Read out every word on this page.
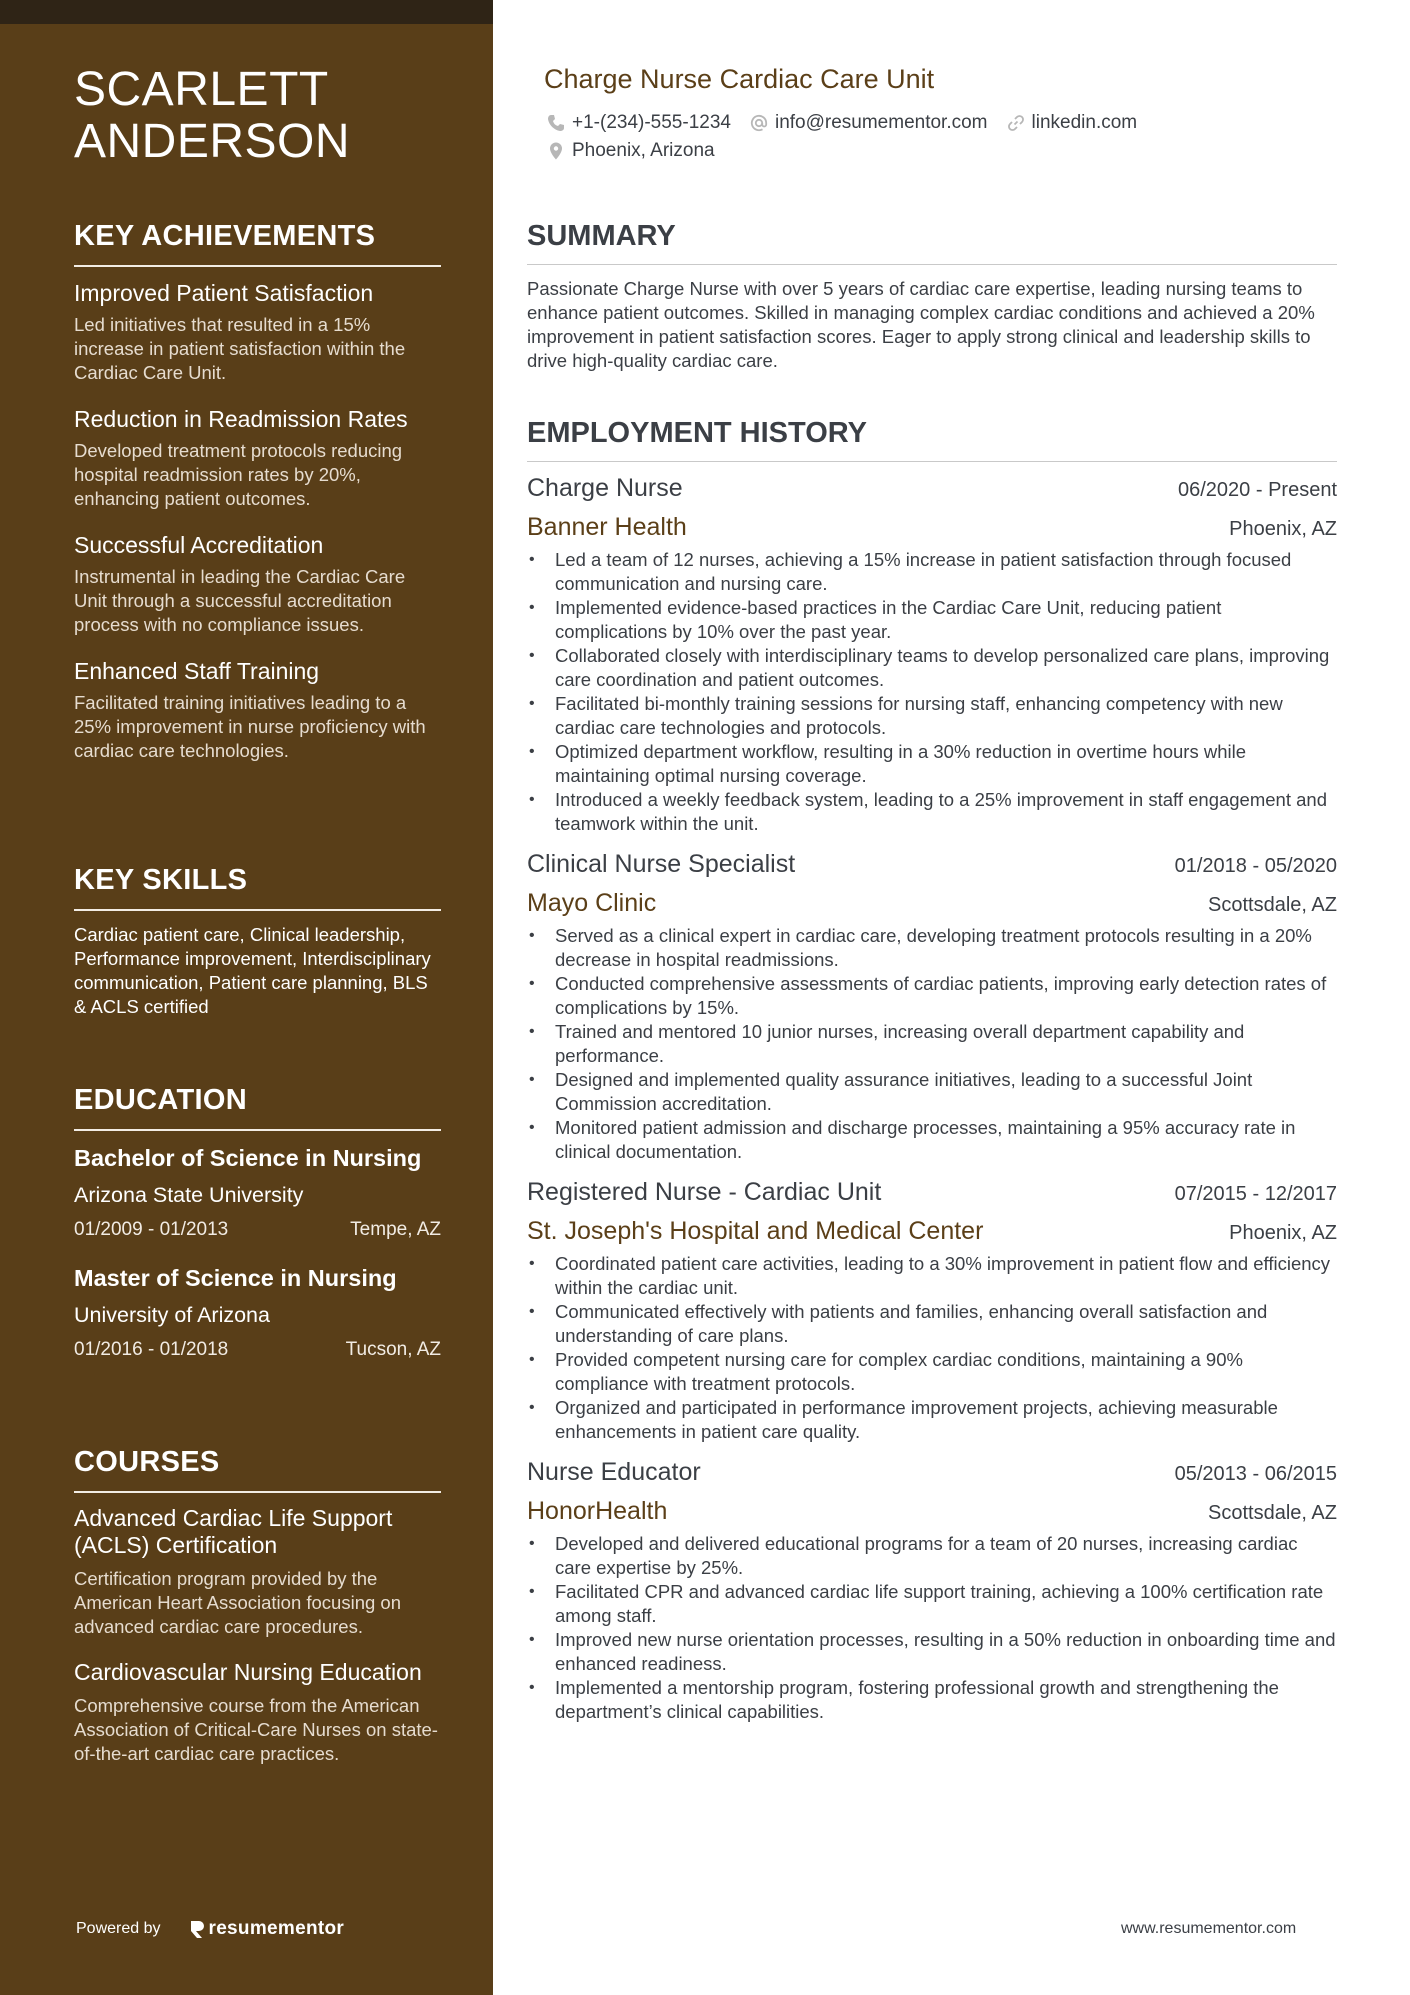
SCARLETT
ANDERSON
KEY ACHIEVEMENTS
Improved Patient Satisfaction
Led initiatives that resulted in a 15% increase in patient satisfaction within the Cardiac Care Unit.
Reduction in Readmission Rates
Developed treatment protocols reducing hospital readmission rates by 20%, enhancing patient outcomes.
Successful Accreditation
Instrumental in leading the Cardiac Care Unit through a successful accreditation process with no compliance issues.
Enhanced Staff Training
Facilitated training initiatives leading to a 25% improvement in nurse proficiency with cardiac care technologies.
KEY SKILLS
Cardiac patient care, Clinical leadership, Performance improvement, Interdisciplinary communication, Patient care planning, BLS & ACLS certified
EDUCATION
Bachelor of Science in Nursing
Arizona State University
01/2009 - 01/2013	Tempe, AZ
Master of Science in Nursing
University of Arizona
01/2016 - 01/2018	Tucson, AZ
COURSES
Advanced Cardiac Life Support (ACLS) Certification
Certification program provided by the American Heart Association focusing on advanced cardiac care procedures.
Cardiovascular Nursing Education
Comprehensive course from the American Association of Critical-Care Nurses on state-of-the-art cardiac care practices.
Powered by	resumementor
Charge Nurse Cardiac Care Unit
+1-(234)-555-1234 info@resumementor.com linkedin.com
Phoenix, Arizona
SUMMARY

Passionate Charge Nurse with over 5 years of cardiac care expertise, leading nursing teams to enhance patient outcomes. Skilled in managing complex cardiac conditions and achieved a 20% improvement in patient satisfaction scores. Eager to apply strong clinical and leadership skills to drive high-quality cardiac care.

EMPLOYMENT HISTORY
Charge Nurse	06/2020 - Present
Banner Health	Phoenix, AZ
• Led a team of 12 nurses, achieving a 15% increase in patient satisfaction through focused communication and nursing care.
• Implemented evidence-based practices in the Cardiac Care Unit, reducing patient complications by 10% over the past year.
• Collaborated closely with interdisciplinary teams to develop personalized care plans, improving care coordination and patient outcomes.
• Facilitated bi-monthly training sessions for nursing staff, enhancing competency with new cardiac care technologies and protocols.
• Optimized department workflow, resulting in a 30% reduction in overtime hours while maintaining optimal nursing coverage.
• Introduced a weekly feedback system, leading to a 25% improvement in staff engagement and teamwork within the unit.
Clinical Nurse Specialist	01/2018 - 05/2020
Mayo Clinic	Scottsdale, AZ
• Served as a clinical expert in cardiac care, developing treatment protocols resulting in a 20% decrease in hospital readmissions.
• Conducted comprehensive assessments of cardiac patients, improving early detection rates of complications by 15%.
• Trained and mentored 10 junior nurses, increasing overall department capability and performance.
• Designed and implemented quality assurance initiatives, leading to a successful Joint Commission accreditation.
• Monitored patient admission and discharge processes, maintaining a 95% accuracy rate in clinical documentation.
Registered Nurse - Cardiac Unit	07/2015 - 12/2017
St. Joseph's Hospital and Medical Center	Phoenix, AZ
• Coordinated patient care activities, leading to a 30% improvement in patient flow and efficiency within the cardiac unit.
• Communicated effectively with patients and families, enhancing overall satisfaction and understanding of care plans.
• Provided competent nursing care for complex cardiac conditions, maintaining a 90% compliance with treatment protocols.
• Organized and participated in performance improvement projects, achieving measurable enhancements in patient care quality.
Nurse Educator	05/2013 - 06/2015
HonorHealth	Scottsdale, AZ
• Developed and delivered educational programs for a team of 20 nurses, increasing cardiac care expertise by 25%.
• Facilitated CPR and advanced cardiac life support training, achieving a 100% certification rate among staff.
• Improved new nurse orientation processes, resulting in a 50% reduction in onboarding time and enhanced readiness.
• Implemented a mentorship program, fostering professional growth and strengthening the department’s clinical capabilities.
www.resumementor.com
